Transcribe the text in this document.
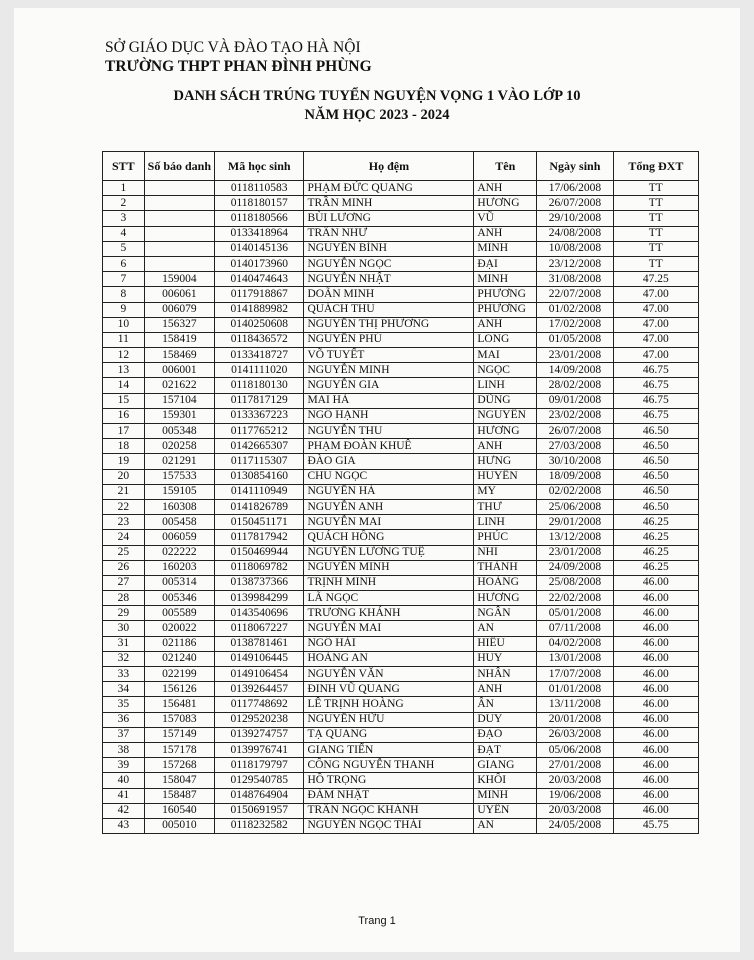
SỞ GIÁO DỤC VÀ ĐÀO TẠO HÀ NỘI
TRƯỜNG THPT PHAN ĐÌNH PHÙNG
DANH SÁCH TRÚNG TUYỂN NGUYỆN VỌNG 1 VÀO LỚP 10
NĂM HỌC 2023 - 2024
STT	Số báo danh	Mã học sinh	Họ đệm	Tên	Ngày sinh	Tổng ĐXT
1		0118110583	PHẠM ĐỨC QUANG	ANH	17/06/2008	TT
2		0118180157	TRẦN MINH	HƯƠNG	26/07/2008	TT
3		0118180566	BÙI LƯƠNG	VŨ	29/10/2008	TT
4		0133418964	TRẦN NHƯ	ANH	24/08/2008	TT
5		0140145136	NGUYỄN BÌNH	MINH	10/08/2008	TT
6		0140173960	NGUYỄN NGỌC	ĐẠI	23/12/2008	TT
7	159004	0140474643	NGUYỄN NHẬT	MINH	31/08/2008	47.25
8	006061	0117918867	DOÃN MINH	PHƯƠNG	22/07/2008	47.00
9	006079	0141889982	QUÁCH THU	PHƯƠNG	01/02/2008	47.00
10	156327	0140250608	NGUYỄN THỊ PHƯƠNG	ANH	17/02/2008	47.00
11	158419	0118436572	NGUYỄN PHÚ	LONG	01/05/2008	47.00
12	158469	0133418727	VÕ TUYẾT	MAI	23/01/2008	47.00
13	006001	0141111020	NGUYỄN MINH	NGỌC	14/09/2008	46.75
14	021622	0118180130	NGUYỄN GIA	LINH	28/02/2008	46.75
15	157104	0117817129	MAI HÀ	DŨNG	09/01/2008	46.75
16	159301	0133367223	NGÔ HẠNH	NGUYÊN	23/02/2008	46.75
17	005348	0117765212	NGUYỄN THU	HƯƠNG	26/07/2008	46.50
18	020258	0142665307	PHẠM ĐOÀN KHUÊ	ANH	27/03/2008	46.50
19	021291	0117115307	ĐÀO GIA	HƯNG	30/10/2008	46.50
20	157533	0130854160	CHU NGỌC	HUYỀN	18/09/2008	46.50
21	159105	0141110949	NGUYỄN HÀ	MY	02/02/2008	46.50
22	160308	0141826789	NGUYỄN ANH	THƯ	25/06/2008	46.50
23	005458	0150451171	NGUYỄN MAI	LINH	29/01/2008	46.25
24	006059	0117817942	QUÁCH HỒNG	PHÚC	13/12/2008	46.25
25	022222	0150469944	NGUYỄN LƯƠNG TUỆ	NHI	23/01/2008	46.25
26	160203	0118069782	NGUYỄN MINH	THÀNH	24/09/2008	46.25
27	005314	0138737366	TRỊNH MINH	HOÀNG	25/08/2008	46.00
28	005346	0139984299	LÃ NGỌC	HƯƠNG	22/02/2008	46.00
29	005589	0143540696	TRƯƠNG KHÁNH	NGÂN	05/01/2008	46.00
30	020022	0118067227	NGUYỄN MAI	AN	07/11/2008	46.00
31	021186	0138781461	NGÔ HẢI	HIẾU	04/02/2008	46.00
32	021240	0149106445	HOÀNG AN	HUY	13/01/2008	46.00
33	022199	0149106454	NGUYỄN VĂN	NHÂN	17/07/2008	46.00
34	156126	0139264457	ĐINH VŨ QUANG	ANH	01/01/2008	46.00
35	156481	0117748692	LÊ TRỊNH HOÀNG	ÂN	13/11/2008	46.00
36	157083	0129520238	NGUYỄN HỮU	DUY	20/01/2008	46.00
37	157149	0139274757	TẠ QUANG	ĐẠO	26/03/2008	46.00
38	157178	0139976741	GIANG TIẾN	ĐẠT	05/06/2008	46.00
39	157268	0118179797	CÔNG NGUYỄN THANH	GIANG	27/01/2008	46.00
40	158047	0129540785	HỒ TRỌNG	KHÔI	20/03/2008	46.00
41	158487	0148764904	ĐÀM NHẬT	MINH	19/06/2008	46.00
42	160540	0150691957	TRẦN NGỌC KHÁNH	UYÊN	20/03/2008	46.00
43	005010	0118232582	NGUYỄN NGỌC THÁI	AN	24/05/2008	45.75
Trang 1
